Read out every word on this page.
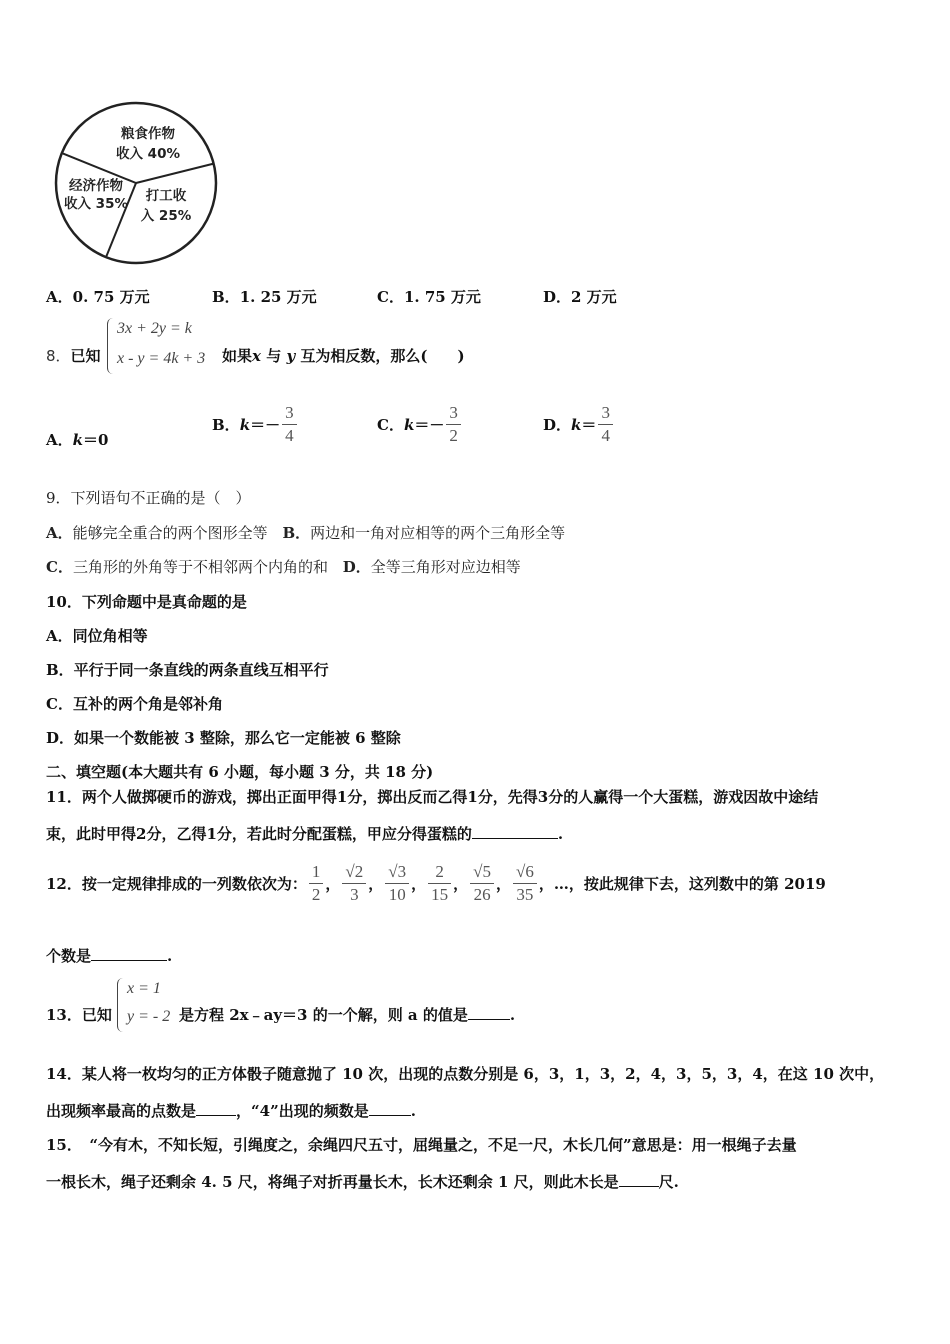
粮食作物
收入 40%
经济作物
收入 35% 打工收
入 25%
A．0. 75 万元	B．1. 25 万元	C．1. 75 万元	D．2 万元
8．已知
3x + 2y = k
x - y = 4k + 3 如果x 与 y 互为相反数，那么(　　)
A．k＝0
B．$k=- \frac{3}{4}$	C．$k=- \frac{3}{2}$	D．$k= \frac{3}{4}$
9．下列语句不正确的是（　）
A．能够完全重合的两个图形全等 B．两边和一角对应相等的两个三角形全等
C．三角形的外角等于不相邻两个内角的和 D．全等三角形对应边相等
10．下列命题中是真命题的是
A．同位角相等
B．平行于同一条直线的两条直线互相平行
C．互补的两个角是邻补角
D．如果一个数能被 3 整除，那么它一定能被 6 整除
二、填空题(本大题共有 6 小题，每小题 3 分，共 18 分)
11．两个人做掷硬币的游戏，掷出正面甲得1分，掷出反而乙得1分，先得3分的人赢得一个大蛋糕，游戏因故中途结
束，此时甲得2分，乙得1分，若此时分配蛋糕，甲应分得蛋糕的	.
12．按一定规律排成的一列数依次为： $\frac{1}{2}$ ， $\frac{√2}{3}$ ， $\frac{√3}{10}$ ， $\frac{2}{15}$ ， $\frac{√5}{26}$ ， $\frac{√6}{35}$ ，…，按此规律下去，这列数中的第 2019
个数是	.
13．已知
x = 1
y = - 2 是方程 2x﹣ay＝3 的一个解，则 a 的值是	.
14．某人将一枚均匀的正方体骰子随意抛了 10 次，出现的点数分别是 6，3，1，3，2，4，3，5，3，4，在这 10 次中，
出现频率最高的点数是	，“4”出现的频数是	.
15．　“今有木，不知长短，引绳度之，余绳四尺五寸，屈绳量之，不足一尺，木长几何”意思是：用一根绳子去量
一根长木，绳子还剩余 4. 5 尺，将绳子对折再量长木，长木还剩余 1 尺，则此木长是	尺.
